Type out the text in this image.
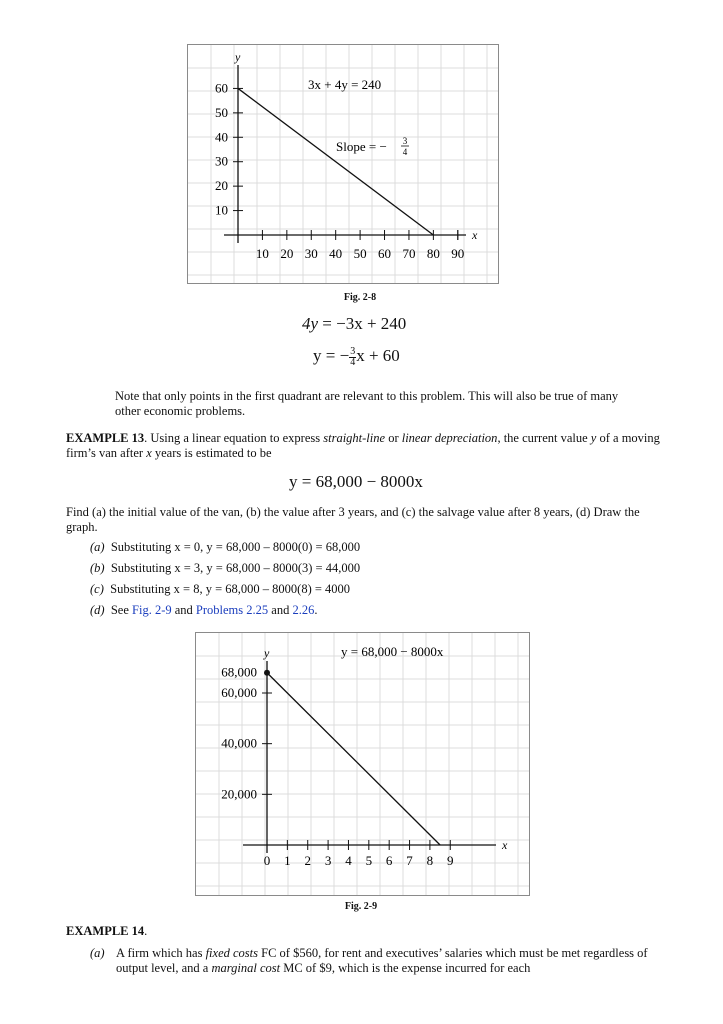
y
x
10 20 30 40 50 60 70 80 90
10
20
30
40
50
60	3x + 4y = 240
Slope = − 3
4
Fig. 2-8
4y = −3x + 240
y = − $\frac{3}{4}$ x + 60
Note that only points in the first quadrant are relevant to this problem. This will also be true of many other economic problems.
EXAMPLE 13. Using a linear equation to express straight-line or linear depreciation, the current value y of a moving firm’s van after x years is estimated to be
y = 68,000 − 8000x
Find (a) the initial value of the van, (b) the value after 3 years, and (c) the salvage value after 8 years, (d) Draw the graph.
(a) Substituting x = 0, y = 68,000 – 8000(0) = 68,000
(b) Substituting x = 3, y = 68,000 – 8000(3) = 44,000
(c) Substituting x = 8, y = 68,000 – 8000(8) = 4000
(d) See Fig. 2-9 and Problems 2.25 and 2.26.
y
x
0 1 2 3 4 5 6 7 8 9
20,000
40,000
60,000
68,000
y = 68,000 − 8000x
Fig. 2-9
EXAMPLE 14.
(a) A firm which has fixed costs FC of $560, for rent and executives’ salaries which must be met regardless of output level, and a marginal cost MC of $9, which is the expense incurred for each
